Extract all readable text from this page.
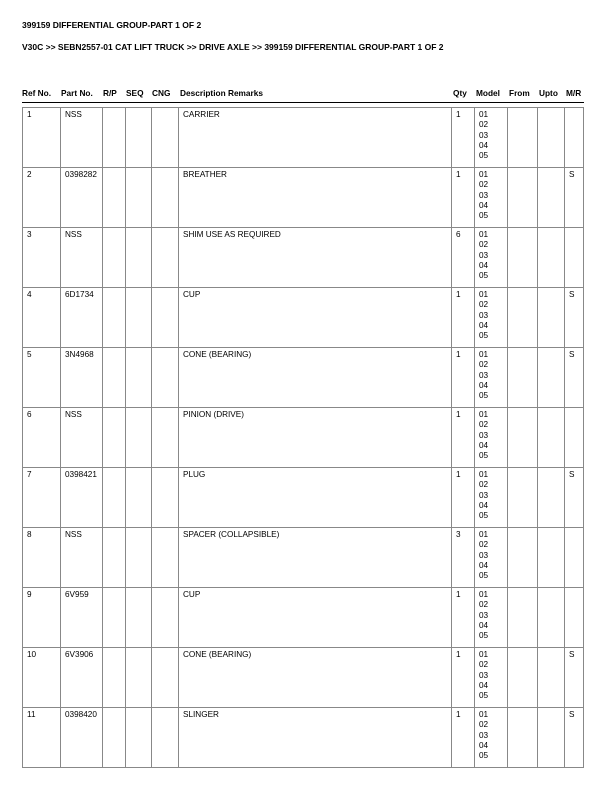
399159 DIFFERENTIAL GROUP-PART 1 OF 2
V30C >> SEBN2557-01 CAT LIFT TRUCK >> DRIVE AXLE >> 399159 DIFFERENTIAL GROUP-PART 1 OF 2
Ref No. Part No. R/P SEQ CNG Description Remarks	Qty Model From Upto M/R
1	NSS				CARRIER	1	01
02
03
04
05			

2	0398282				BREATHER	1	01
02
03
04
05			S
3	NSS				SHIM USE AS REQUIRED	6	01
02
03
04
05			

4	6D1734				CUP	1	01
02
03
04
05			S
5	3N4968				CONE (BEARING)	1	01
02
03
04
05			S
6	NSS				PINION (DRIVE)	1	01
02
03
04
05			

7	0398421				PLUG	1	01
02
03
04
05			S
8	NSS				SPACER (COLLAPSIBLE)	3	01
02
03
04
05			

9	6V959				CUP	1	01
02
03
04
05			

10	6V3906				CONE (BEARING)	1	01
02
03
04
05			S
11	0398420				SLINGER	1	01
02
03
04
05			S
